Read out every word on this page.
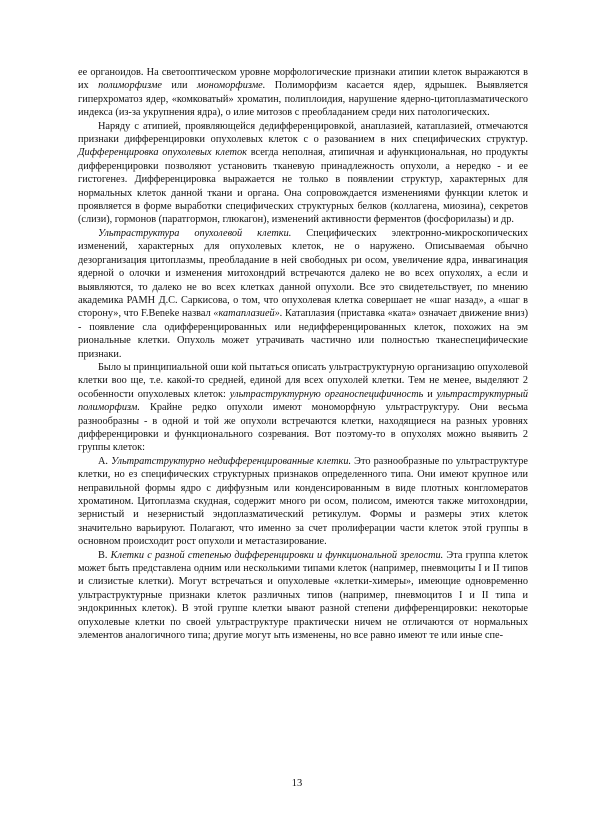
ее органоидов. На светооптическом уровне морфологические признаки атипии клеток выражаются в их полиморфизме или мономорфизме. Полиморфизм касается ядер, ядрышек. Выявляется гиперхроматоз ядер, «комковатый» хроматин, полиплоидия, нарушение ядерно-цитоплазматического индекса (из-за укрупнения ядра), о илие митозов с преобладанием среди них патологических.

Наряду с атипией, проявляющейся дедифференцировкой, анаплазией, катаплазией, отмечаются признаки дифференцировки опухолевых клеток с о разованием в них специфических структур. Дифференцировка опухолевых клеток всегда неполная, атипичная и афункциональная, но продукты дифференцировки позволяют установить тканевую принадлежность опухоли, а нередко - и ее гистогенез. Дифференцировка выражается не только в появлении структур, характерных для нормальных клеток данной ткани и органа. Она сопровождается изменениями функции клеток и проявляется в форме выработки специфических структурных белков (коллагена, миозина), секретов (слизи), гормонов (паратгормон, глюкагон), изменений активности ферментов (фосфорилазы) и др.

Ультраструктура опухолевой клетки. Специфических электронно-микроскопических изменений, характерных для опухолевых клеток, не о наружено. Описываемая обычно дезорганизация цитоплазмы, преобладание в ней свободных ри осом, увеличение ядра, инвагинация ядерной о олочки и изменения митохондрий встречаются далеко не во всех опухолях, а если и выявляются, то далеко не во всех клетках данной опухоли. Все это свидетельствует, по мнению академика РАМН Д.С. Саркисова, о том, что опухолевая клетка совершает не «шаг назад», а «шаг в сторону», что F.Beneke назвал «катаплазией». Катаплазия (приставка «ката» означает движение вниз) - появление сла одифференцированных или недифференцированных клеток, похожих на эм риональные клетки. Опухоль может утрачивать частично или полностью тканеспецифические признаки.

Было ы принципиальной оши кой пытаться описать ультраструктурную организацию опухолевой клетки воо ще, т.е. какой-то средней, единой для всех опухолей клетки. Тем не менее, выделяют 2 особенности опухолевых клеток: ультраструктурную органоспецифичность и ультраструктурный полиморфизм. Крайне редко опухоли имеют мономорфную ультраструктуру. Они весьма разнообразны - в одной и той же опухоли встречаются клетки, находящиеся на разных уровнях дифференцировки и функционального созревания. Вот поэтому-то в опухолях можно выявить 2 группы клеток:

А. Ультратструктурно недифференцированные клетки. Это разнообразные по ультраструктуре клетки, но ез специфических структурных признаков определенного типа. Они имеют крупное или неправильной формы ядро с диффузным или конденсированным в виде плотных конгломератов хроматином. Цитоплазма скудная, содержит много ри осом, полисом, имеются также митохондрии, зернистый и незернистый эндоплазматический ретикулум. Формы и размеры этих клеток значительно варьируют. Полагают, что именно за счет пролиферации части клеток этой группы в основном происходит рост опухоли и метастазирование.

В. Клетки с разной степенью дифференцировки и функциональной зрелости. Эта группа клеток может быть представлена одним или несколькими типами клеток (например, пневмоциты I и II типов и слизистые клетки). Могут встречаться и опухолевые «клетки-химеры», имеющие одновременно ультраструктурные признаки клеток различных типов (например, пневмоцитов I и II типа и эндокринных клеток). В этой группе клетки ывают разной степени дифференцировки: некоторые опухолевые клетки по своей ультраструктуре практически ничем не отличаются от нормальных элементов аналогичного типа; другие могут ыть изменены, но все равно имеют те или иные спе-

13
